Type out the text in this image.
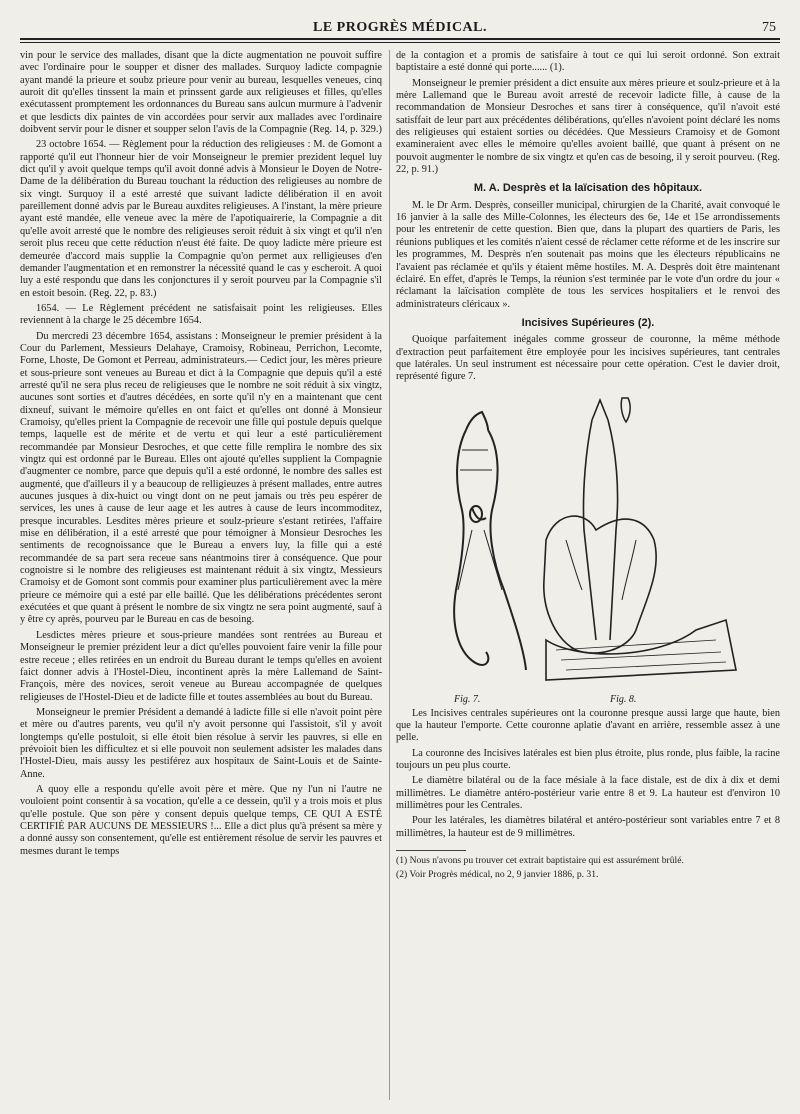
LE PROGRÈS MÉDICAL.	75

vin pour le service des mallades, disant que la dicte augmentation ne pouvoit suffire avec l'ordinaire pour le soupper et disner des mallades. Surquoy ladicte compagnie ayant mandé la prieure et soubz prieure pour venir au bureau, lesquelles veneues, cinq auroit dit qu'elles tinssent la main et prinssent garde aux religieuses et filles, qu'elles exécutassent promptement les ordonnances du Bureau sans aulcun murmure à l'advenir et que lesdicts dix paintes de vin accordées pour servir aux mallades avec l'ordinaire doibvent servir pour le disner et soupper selon l'avis de la Compagnie (Reg. 14, p. 329.)

23 octobre 1654. — Règlement pour la réduction des religieuses : M. de Gomont a rapporté qu'il eut l'honneur hier de voir Monseigneur le premier prezident lequel luy dict qu'il y avoit quelque temps qu'il avoit donné advis à Monsieur le Doyen de Notre-Dame de la délibération du Bureau touchant la réduction des religieuses au nombre de six vingt. Surquoy il a esté arresté que suivant ladicte délibération il en avoit pareillement donné advis par le Bureau auxdites religieuses. A l'instant, la mère prieure ayant esté mandée, elle veneue avec la mère de l'apotiquairerie, la Compagnie a dit qu'elle avoit arresté que le nombre des religieuses seroit réduit à six vingt et qu'il n'en seroit plus receu que cette réduction n'eust été faite. De quoy ladicte mère prieure est demeurée d'accord mais supplie la Compagnie qu'on permet aux relligieuses d'en demander l'augmentation et en remonstrer la nécessité quand le cas y escheroit. A quoi luy a esté respondu que dans les conjonctures il y seroit pourveu par la Compagnie s'il en estoit besoin. (Reg. 22, p. 83.)

1654. — Le Règlement précédent ne satisfaisait point les religieuses. Elles reviennent à la charge le 25 décembre 1654.

Du mercredi 23 décembre 1654, assistans : Monseigneur le premier président à la Cour du Parlement, Messieurs Delahaye, Cramoisy, Robineau, Perrichon, Lecomte, Forne, Lhoste, De Gomont et Perreau, administrateurs.— Cedict jour, les mères prieure et sous-prieure sont veneues au Bureau et dict à la Compagnie que depuis qu'il a esté arresté qu'il ne sera plus receu de religieuses que le nombre ne soit réduit à six vingtz, aucunes sont sorties et d'autres décédées, en sorte qu'il n'y en a maintenant que cent dixneuf, suivant le mémoire qu'elles en ont faict et qu'elles ont donné à Monsieur Cramoisy, qu'elles prient la Compagnie de recevoir une fille qui postule depuis quelque temps, laquelle est de mérite et de vertu et qui leur a esté particulièrement recommandée par Monsieur Desroches, et que cette fille remplira le nombre des six vingtz qui est ordonné par le Bureau. Elles ont ajouté qu'elles supplient la Compagnie d'augmenter ce nombre, parce que depuis qu'il a esté ordonné, le nombre des salles est augmenté, que d'ailleurs il y a beaucoup de relligieuzes à présent mallades, entre autres aucunes jusques à dix-huict ou vingt dont on ne peut jamais ou très peu espérer de services, les unes à cause de leur aage et les autres à cause de leurs incommoditez, presque incurables. Lesdites mères prieure et soulz-prieure s'estant retirées, l'affaire mise en délibération, il a esté arresté que pour témoigner à Monsieur Desroches les sentiments de recognoissance que le Bureau a envers luy, la fille qui a esté recommandée de sa part sera receue sans néantmoins tirer à conséquence. Que pour cognoistre si le nombre des religieuses est maintenant réduit à six vingtz, Messieurs Cramoisy et de Gomont sont commis pour examiner plus particulièrement avec la mère prieure ce mémoire qui a esté par elle baillé. Que les délibérations précédentes seront exécutées et que quant à présent le nombre de six vingtz ne sera point augmenté, sauf à y être cy après, pourveu par le Bureau en cas de besoing.

Lesdictes mères prieure et sous-prieure mandées sont rentrées au Bureau et Monseigneur le premier prézident leur a dict qu'elles pouvoient faire venir la fille pour estre receue ; elles retirées en un endroit du Bureau durant le temps qu'elles en avoient faict donner advis à l'Hostel-Dieu, incontinent après la mère Lallemand de Saint-François, mère des novices, seroit veneue au Bureau accompagnée de quelques religieuses de l'Hostel-Dieu et de ladicte fille et toutes assemblées au bout du Bureau.

Monseigneur le premier Président a demandé à ladicte fille si elle n'avoit point père et mère ou d'autres parents, veu qu'il n'y avoit personne qui l'assistoit, s'il y avoit longtemps qu'elle postuloit, si elle étoit bien résolue à servir les pauvres, si elle en prévoioit bien les difficultez et si elle pouvoit non seulement adsister les malades dans l'Hostel-Dieu, mais aussy les pestiférez aux hospitaux de Saint-Louis et de Sainte-Anne.

A quoy elle a respondu qu'elle avoit père et mère. Que ny l'un ni l'autre ne vouloient point consentir à sa vocation, qu'elle a ce dessein, qu'il y a trois mois et plus qu'elle postule. Que son père y consent depuis quelque temps, CE QUI A ESTÉ CERTIFIÉ PAR AUCUNS DE MESSIEURS !... Elle a dict plus qu'à présent sa mère y a donné aussy son consentement, qu'elle est entièrement résolue de servir les pauvres et mesmes durant le temps

de la contagion et a promis de satisfaire à tout ce qui lui seroit ordonné. Son extrait baptistaire a esté donné qui porte...... (1).

Monseigneur le premier président a dict ensuite aux mères prieure et soulz-prieure et à la mère Lallemand que le Bureau avoit arresté de recevoir ladicte fille, à cause de la recommandation de Monsieur Desroches et sans tirer à conséquence, qu'il n'avoit esté satisffait de leur part aux précédentes délibérations, qu'elles n'avoient point déclaré les noms des religieuses qui estaient sorties ou décédées. Que Messieurs Cramoisy et de Gomont examineraient avec elles le mémoire qu'elles avoient baillé, que quant à présent on ne pouvoit augmenter le nombre de six vingtz et qu'en cas de besoing, il y seroit pourveu. (Reg. 22, p. 91.)

M. A. Desprès et la laïcisation des hôpitaux.

M. le Dr Arm. Desprès, conseiller municipal, chirurgien de la Charité, avait convoqué le 16 janvier à la salle des Mille-Colonnes, les électeurs des 6e, 14e et 15e arrondissements pour les entretenir de cette question. Bien que, dans la plupart des quartiers de Paris, les réunions publiques et les comités n'aient cessé de réclamer cette réforme et de les inscrire sur les programmes, M. Desprès n'en soutenait pas moins que les électeurs républicains ne l'avaient pas réclamée et qu'ils y étaient même hostiles. M. A. Desprès doit être maintenant éclairé. En effet, d'après le Temps, la réunion s'est terminée par le vote d'un ordre du jour « réclamant la laïcisation complète de tous les services hospitaliers et le renvoi des administrateurs cléricaux ».

Incisives Supérieures (2).

Quoique parfaitement inégales comme grosseur de couronne, la même méthode d'extraction peut parfaitement être employée pour les incisives supérieures, tant centrales que latérales. Un seul instrument est nécessaire pour cette opération. C'est le davier droit, représenté figure 7.

Fig. 7.	Fig. 8.

Les Incisives centrales supérieures ont la couronne presque aussi large que haute, bien que la hauteur l'emporte. Cette couronne aplatie d'avant en arrière, ressemble assez à une pelle.

La couronne des Incisives latérales est bien plus étroite, plus ronde, plus faible, la racine toujours un peu plus courte.

Le diamètre bilatéral ou de la face mésiale à la face distale, est de dix à dix et demi millimètres. Le diamètre antéro-postérieur varie entre 8 et 9. La hauteur est d'environ 10 millimètres pour les Centrales.

Pour les latérales, les diamètres bilatéral et antéro-postérieur sont variables entre 7 et 8 millimètres, la hauteur est de 9 millimètres.

(1) Nous n'avons pu trouver cet extrait baptistaire qui est assurément brûlé.
(2) Voir Progrès médical, no 2, 9 janvier 1886, p. 31.
